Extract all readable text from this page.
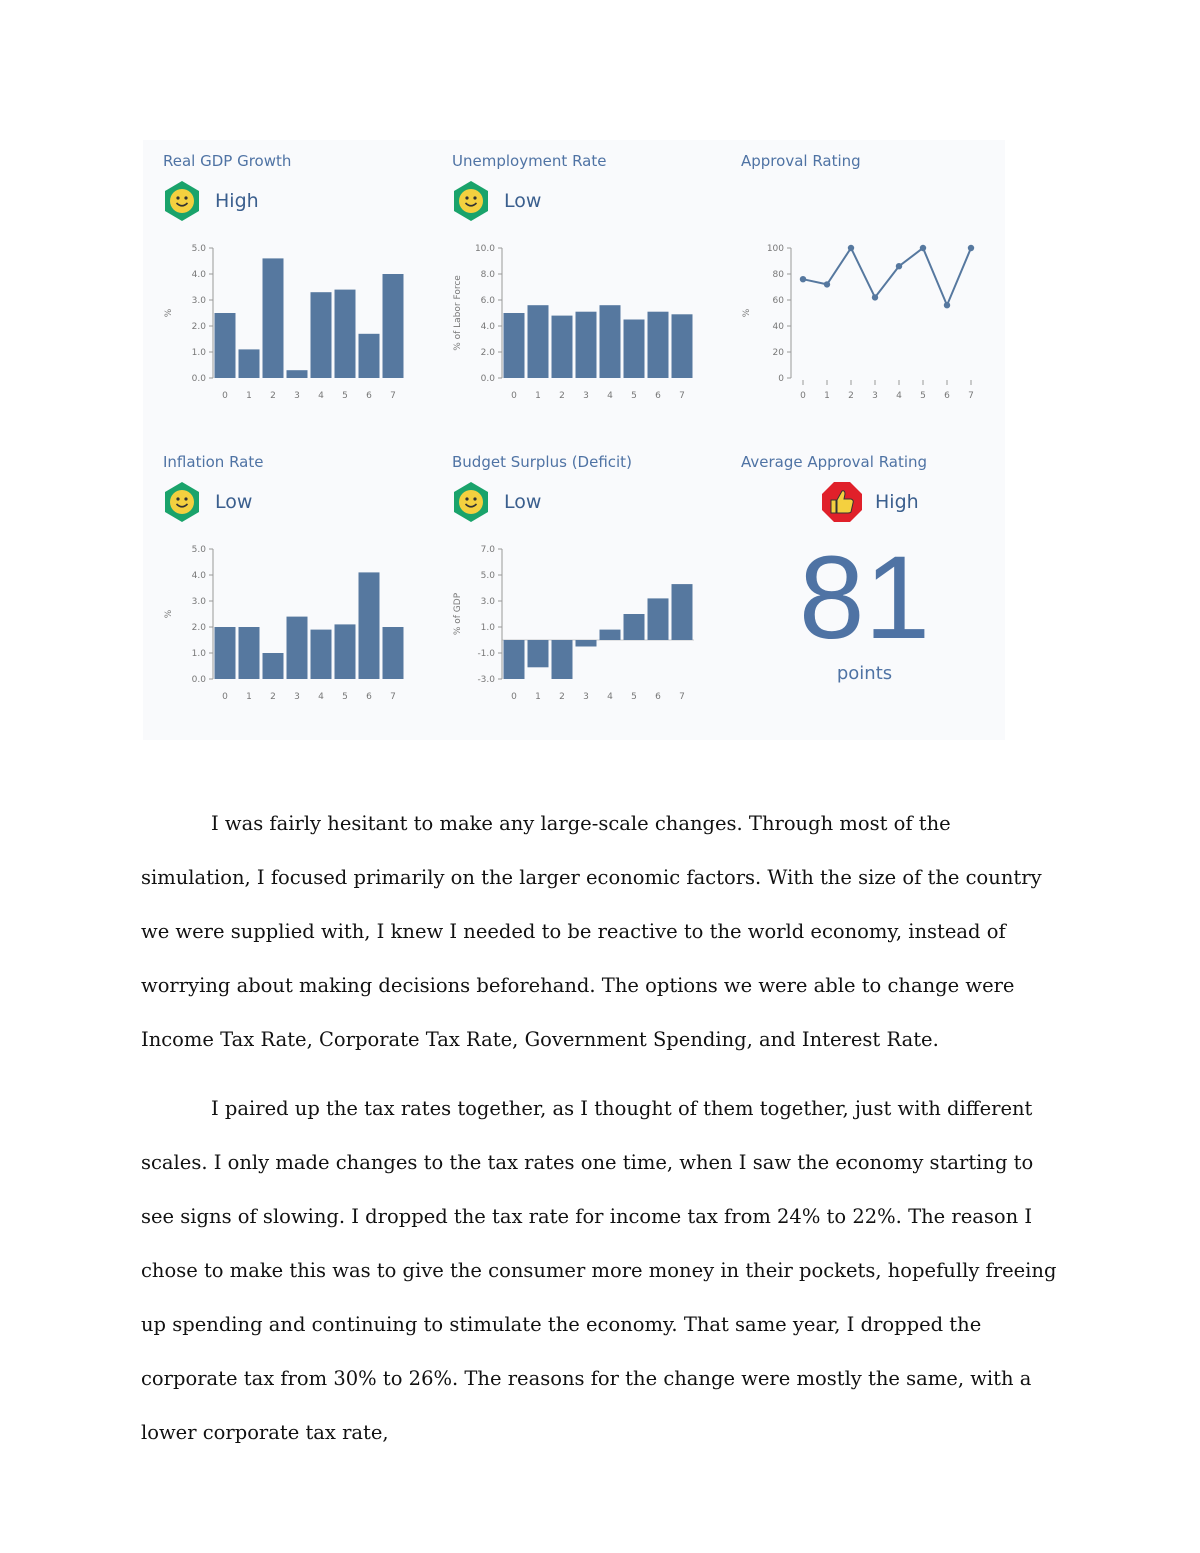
Real GDP Growth
High
0.0
1.0
2.0
3.0
4.0
5.0
%
0 1 2 3 4 5 6 7
Unemployment Rate
Low
0.0
2.0
4.0
6.0
8.0
10.0
% of Labor Force
0 1 2 3 4 5 6 7
Approval Rating
0
20
40
60
80
100
%
0 1 2 3 4 5 6 7
Inflation Rate
Low
0.0
1.0
2.0
3.0
4.0
5.0
%
0 1 2 3 4 5 6 7
Budget Surplus (Deficit)
Low
-3.0
-1.0
1.0
3.0
5.0
7.0
% of GDP
0 1 2 3 4 5 6 7
Average Approval Rating
High
81
points

I was fairly hesitant to make any large-scale changes. Through most of the simulation, I focused primarily on the larger economic factors. With the size of the country we were supplied with, I knew I needed to be reactive to the world economy, instead of worrying about making decisions beforehand. The options we were able to change were Income Tax Rate, Corporate Tax Rate, Government Spending, and Interest Rate.

I paired up the tax rates together, as I thought of them together, just with different scales. I only made changes to the tax rates one time, when I saw the economy starting to see signs of slowing. I dropped the tax rate for income tax from 24% to 22%. The reason I chose to make this was to give the consumer more money in their pockets, hopefully freeing up spending and continuing to stimulate the economy. That same year, I dropped the corporate tax from 30% to 26%. The reasons for the change were mostly the same, with a lower corporate tax rate,
